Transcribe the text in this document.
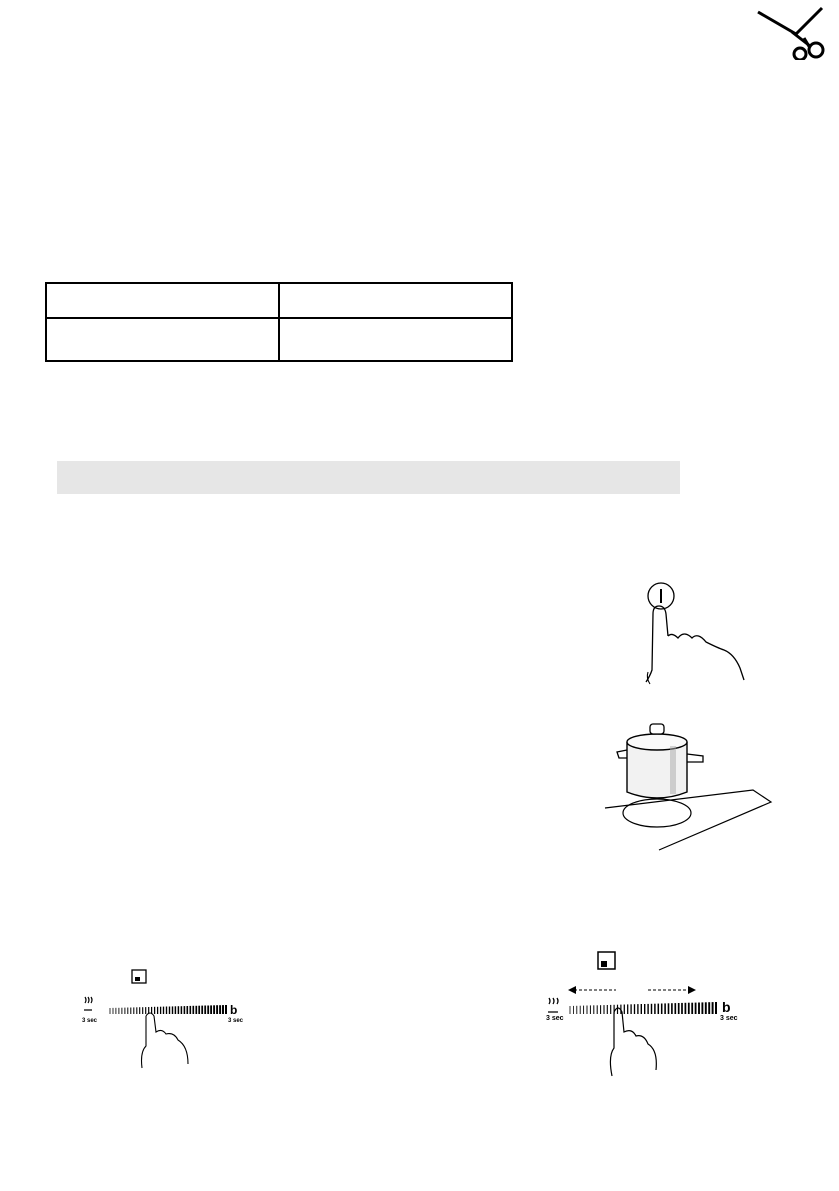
3 sec
b
3 sec	3 sec
b
3 sec
